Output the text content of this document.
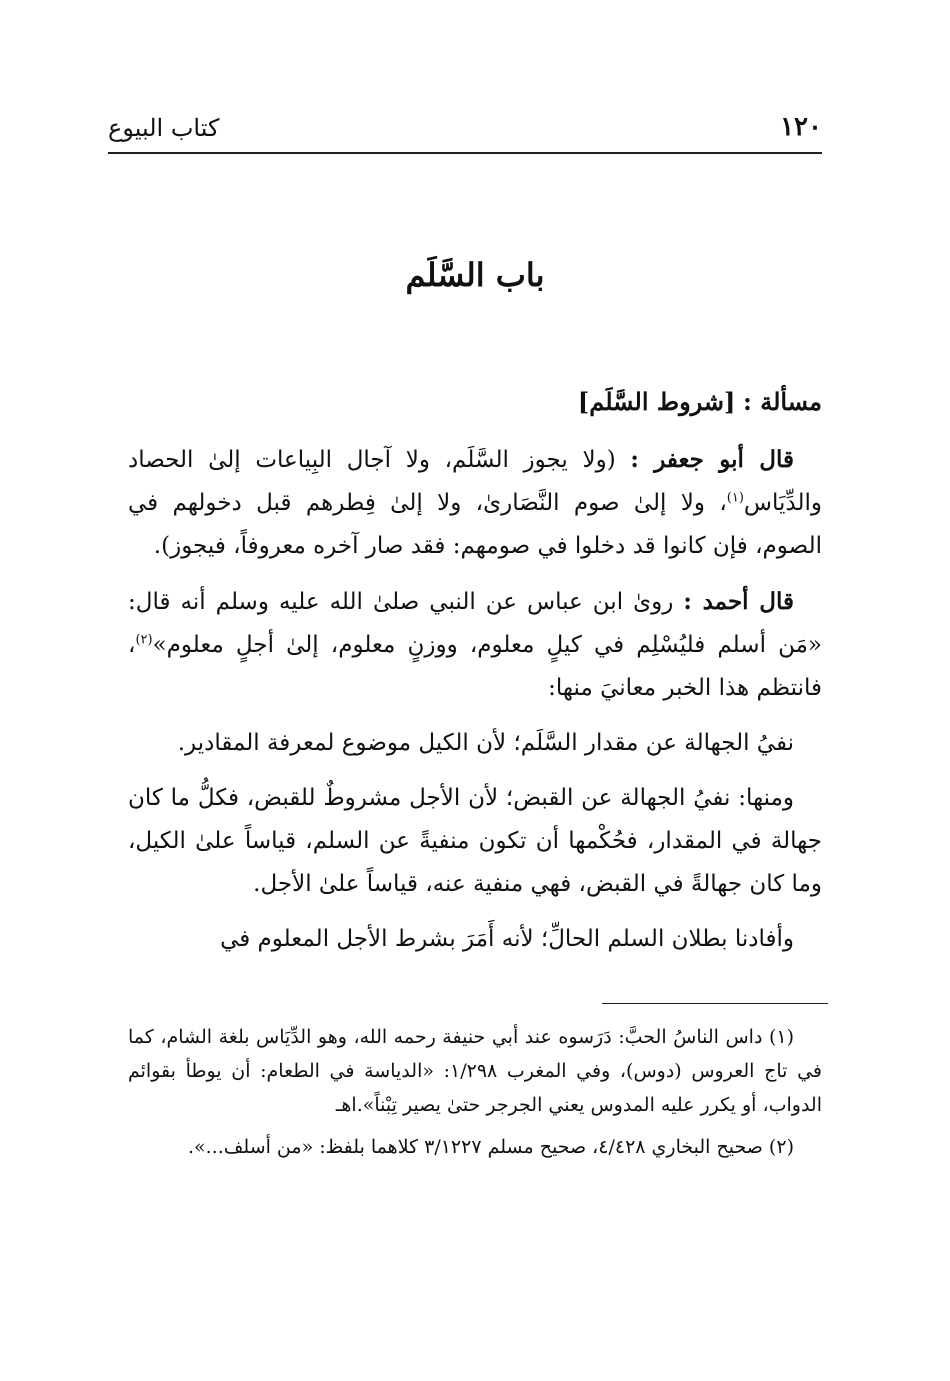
١٢٠
كتاب البيوع
باب السَّلَم

مسألة : [شروط السَّلَم]

قال أبو جعفر : (ولا يجوز السَّلَم، ولا آجال البِياعات إلىٰ الحصاد والدِّيَاس$^{(١)}$، ولا إلىٰ صوم النَّصَارىٰ، ولا إلىٰ فِطرهم قبل دخولهم في الصوم، فإن كانوا قد دخلوا في صومهم: فقد صار آخره معروفاً، فيجوز).

قال أحمد : روىٰ ابن عباس عن النبي صلىٰ الله عليه وسلم أنه قال: «مَن أسلم فليُسْلِم في كيلٍ معلوم، ووزنٍ معلوم، إلىٰ أجلٍ معلوم»$^{(٢)}$، فانتظم هذا الخبر معانيَ منها:

نفيُ الجهالة عن مقدار السَّلَم؛ لأن الكيل موضوع لمعرفة المقادير.

ومنها: نفيُ الجهالة عن القبض؛ لأن الأجل مشروطٌ للقبض، فكلُّ ما كان جهالة في المقدار، فحُكْمها أن تكون منفيةً عن السلم، قياساً علىٰ الكيل، وما كان جهالةً في القبض، فهي منفية عنه، قياساً علىٰ الأجل.

وأفادنا بطلان السلم الحالِّ؛ لأنه أَمَرَ بشرط الأجل المعلوم في

(١) داس الناسُ الحبَّ: دَرَسوه عند أبي حنيفة رحمه الله، وهو الدِّيَاس بلغة الشام، كما في تاج العروس (دوس)، وفي المغرب ١/٢٩٨: «الدياسة في الطعام: أن يوطأ بقوائم الدواب، أو يكرر عليه المدوس يعني الجرجر حتىٰ يصير تِبْناً».اهـ

(٢) صحيح البخاري ٤/٤٢٨، صحيح مسلم ٣/١٢٢٧ كلاهما بلفظ: «من أسلف...».
